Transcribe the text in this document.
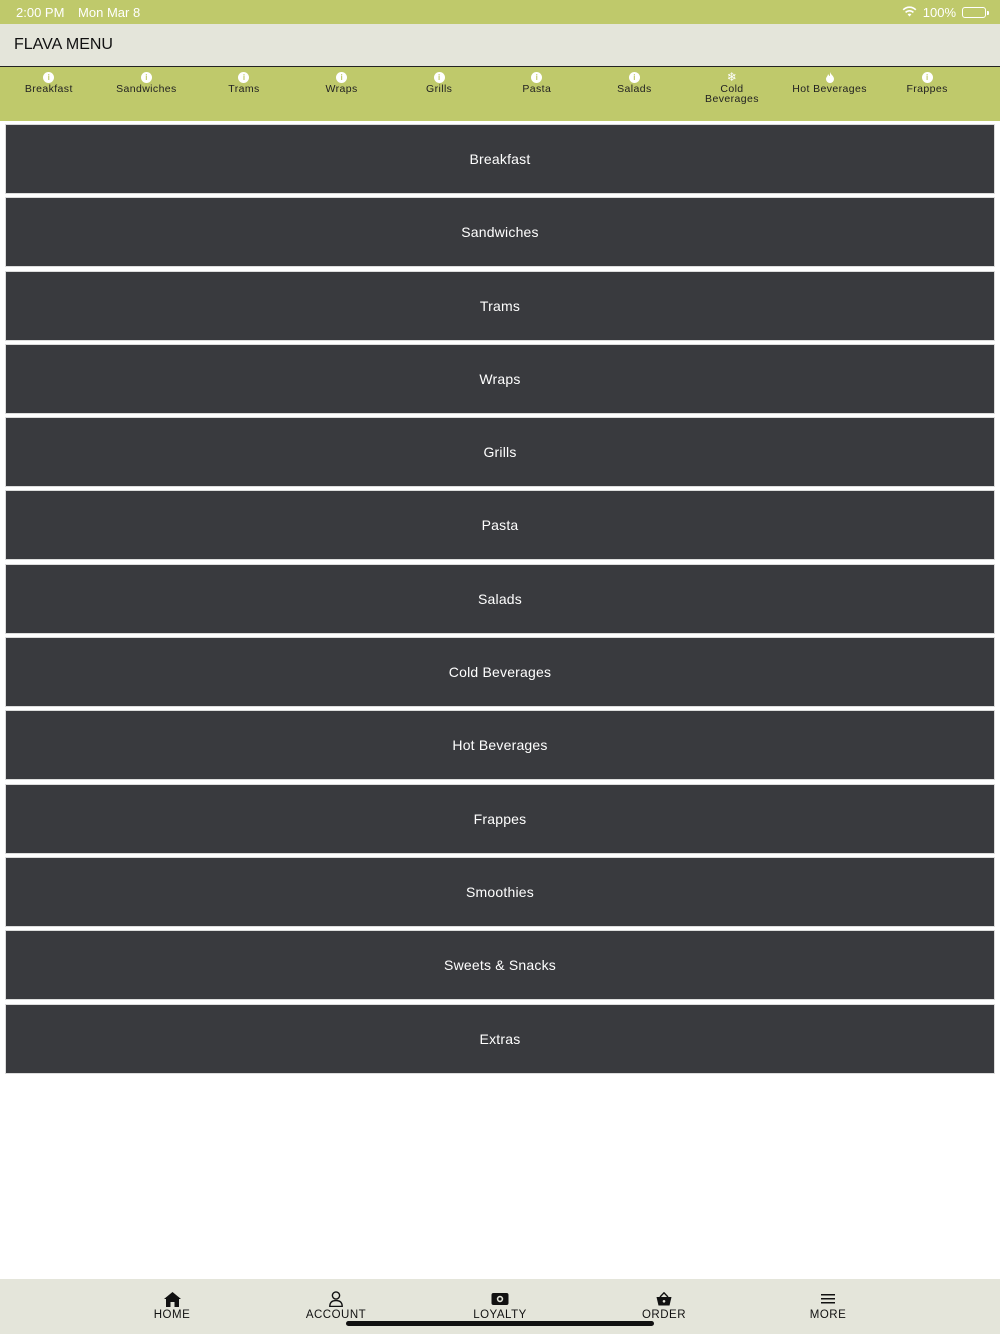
2:00 PM Mon Mar 8	100%
FLAVA MENU
i
Breakfast
i
Sandwiches
i
Trams
i
Wraps
i
Grills
i
Pasta
i
Salads
❄
Cold Beverages
Hot Beverages
i
Frappes
Breakfast
Sandwiches
Trams
Wraps
Grills
Pasta
Salads
Cold Beverages
Hot Beverages
Frappes
Smoothies
Sweets & Snacks
Extras
HOME	ACCOUNT	LOYALTY	ORDER	MORE
